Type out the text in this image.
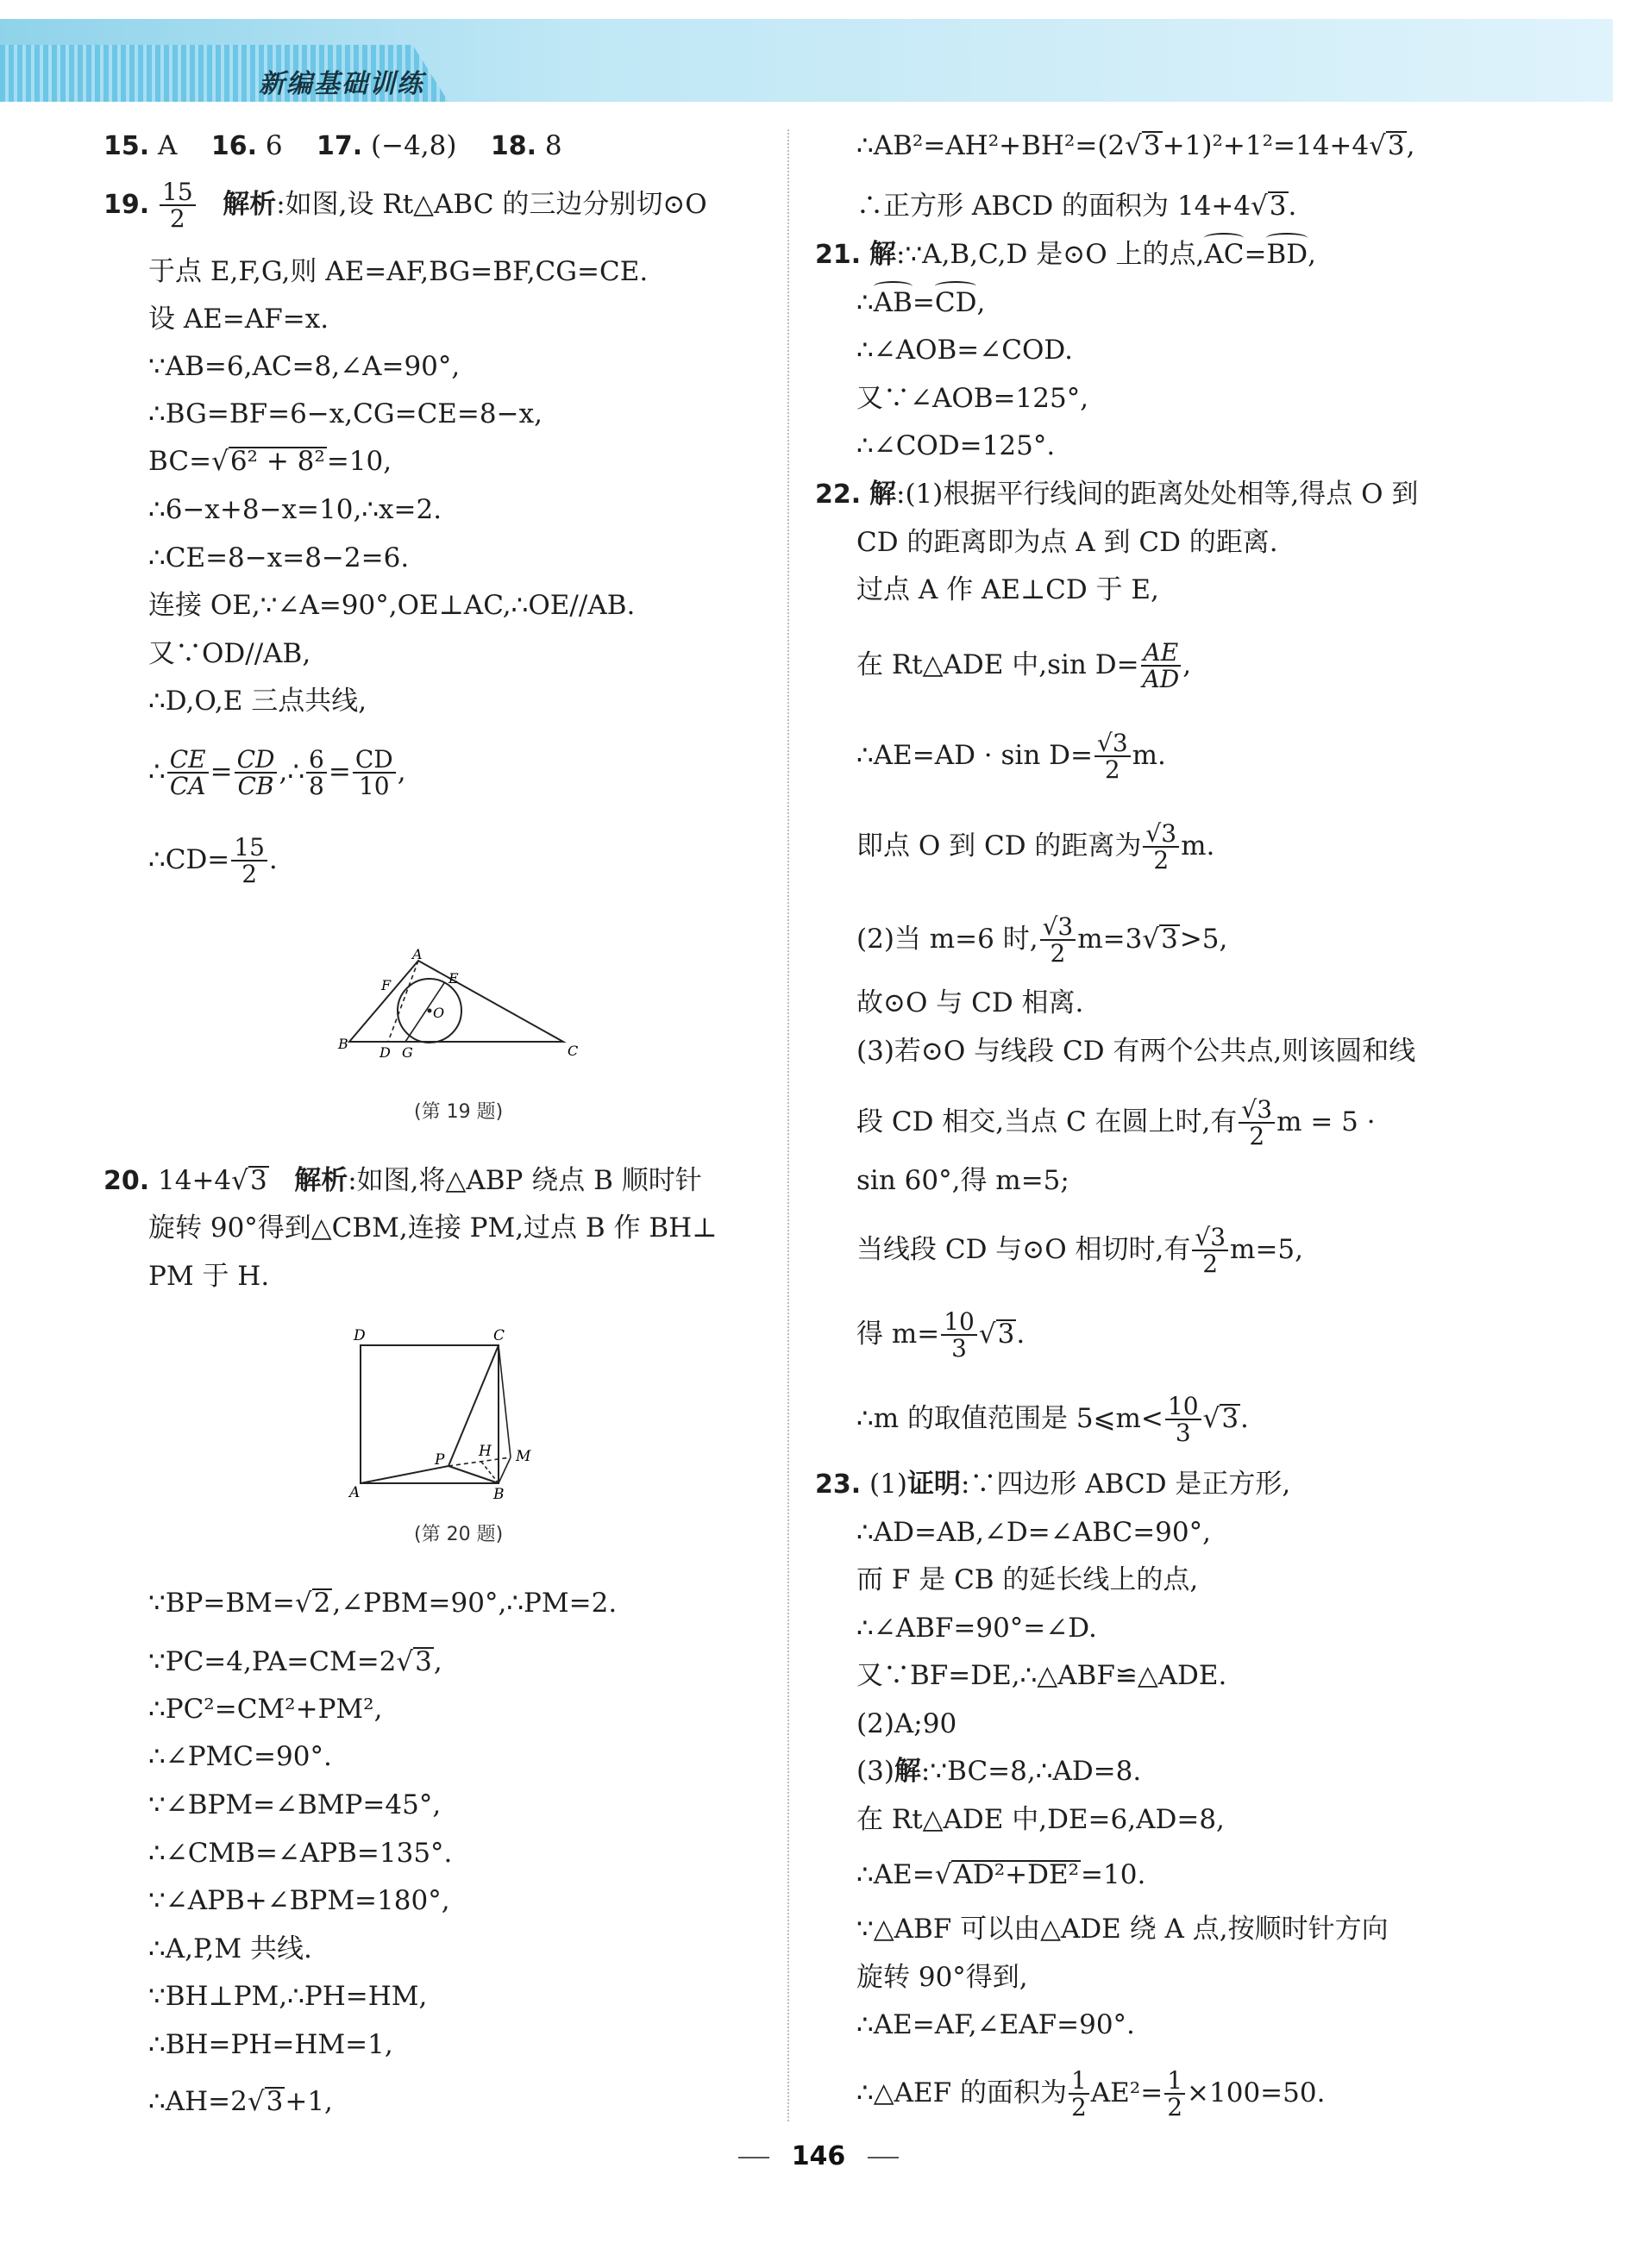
新编基础训练
15. A 16. 6 17. (−4,8) 18. 8
19. $\frac{15}{2}$ 解析:如图,设 Rt△ABC 的三边分别切⊙O
于点 E,F,G,则 AE=AF,BG=BF,CG=CE.
设 AE=AF=x.
∵AB=6,AC=8,∠A=90°,
∴BG=BF=6−x,CG=CE=8−x,
BC=√6² + 8²=10,
∴6−x+8−x=10,∴x=2.
∴CE=8−x=8−2=6.
连接 OE,∵∠A=90°,OE⊥AC,∴OE//AB.
又∵OD//AB,
∴D,O,E 三点共线,
∴ $\frac{CE}{CA} = \frac{CD}{CB}$ ,∴ $\frac{6}{8} = \frac{CD}{10}$ ,
∴CD= $\frac{15}{2}$ .
A
B	C
D
E
F
G
O
(第 19 题)
20. 14+4√3 解析:如图,将△ABP 绕点 B 顺时针
旋转 90°得到△CBM,连接 PM,过点 B 作 BH⊥
PM 于 H.
D	C
A	B
P H M
(第 20 题)
∵BP=BM=√2,∠PBM=90°,∴PM=2.
∵PC=4,PA=CM=2√3,
∴PC²=CM²+PM²,
∴∠PMC=90°.
∵∠BPM=∠BMP=45°,
∴∠CMB=∠APB=135°.
∵∠APB+∠BPM=180°,
∴A,P,M 共线.
∵BH⊥PM,∴PH=HM,
∴BH=PH=HM=1,
∴AH=2√3+1,
∴AB²=AH²+BH²=(2√3+1)²+1²=14+4√3,
∴正方形 ABCD 的面积为 14+4√3.
21. 解:∵A,B,C,D 是⊙O 上的点,AC=BD,
∴AB=CD,
∴∠AOB=∠COD.
又∵∠AOB=125°,
∴∠COD=125°.
22. 解:(1)根据平行线间的距离处处相等,得点 O 到
CD 的距离即为点 A 到 CD 的距离.
过点 A 作 AE⊥CD 于 E,
在 Rt△ADE 中,sin $D= \frac{AE}{AD}$ ,
∴AE=AD · $\sin D= \frac{√3}{2} m$.
即点 O 到 CD 的距离为 $\frac{√3}{2} m$.
(2)当 m=6 时, $\frac{√3}{2} m=3√3>5$,
故⊙O 与 CD 相离.
(3)若⊙O 与线段 CD 有两个公共点,则该圆和线
段 CD 相交,当点 C 在圆上时,有 $\frac{√3}{2}$ m = 5 ·
sin 60°,得 m=5;
当线段 CD 与⊙O 相切时,有 $\frac{√3}{2} m=5$,
得 $m= \frac{10}{3} √3$.
∴m 的取值范围是 5⩽m< $\frac{10}{3} √3$.
23. (1)证明:∵四边形 ABCD 是正方形,
∴AD=AB,∠D=∠ABC=90°,
而 F 是 CB 的延长线上的点,
∴∠ABF=90°=∠D.
又∵BF=DE,∴△ABF≌△ADE.
(2)A;90
(3)解:∵BC=8,∴AD=8.
在 Rt△ADE 中,DE=6,AD=8,
∴AE=√AD²+DE²=10.
∵△ABF 可以由△ADE 绕 A 点,按顺时针方向
旋转 90°得到,
∴AE=AF,∠EAF=90°.
∴△AEF 的面积为 $\frac{1}{2} AE^2= \frac{1}{2} \times 100=50$.
146
